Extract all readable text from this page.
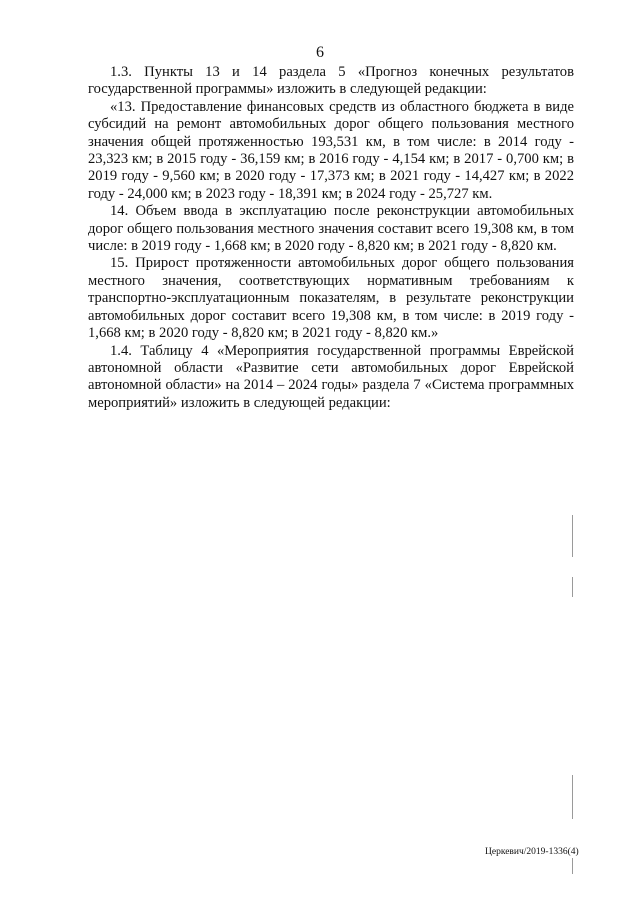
6

1.3. Пункты 13 и 14 раздела 5 «Прогноз конечных результатов государственной программы» изложить в следующей редакции:

«13. Предоставление финансовых средств из областного бюджета в виде субсидий на ремонт автомобильных дорог общего пользования местного значения общей протяженностью 193,531 км, в том числе: в 2014 году - 23,323 км; в 2015 году - 36,159 км; в 2016 году - 4,154 км; в 2017 - 0,700 км; в 2019 году - 9,560 км; в 2020 году - 17,373 км; в 2021 году - 14,427 км; в 2022 году - 24,000 км; в 2023 году - 18,391 км; в 2024 году - 25,727 км.

14. Объем ввода в эксплуатацию после реконструкции автомобильных дорог общего пользования местного значения составит всего 19,308 км, в том числе: в 2019 году - 1,668 км; в 2020 году - 8,820 км; в 2021 году - 8,820 км.

15. Прирост протяженности автомобильных дорог общего пользования местного значения, соответствующих нормативным требованиям к транспортно-эксплуатационным показателям, в результате реконструкции автомобильных дорог составит всего 19,308 км, в том числе: в 2019 году - 1,668 км; в 2020 году - 8,820 км; в 2021 году - 8,820 км.»

1.4. Таблицу 4 «Мероприятия государственной программы Еврейской автономной области «Развитие сети автомобильных дорог Еврейской автономной области» на 2014 – 2024 годы» раздела 7 «Система программных мероприятий» изложить в следующей редакции:

Церкевич/2019-1336(4)
